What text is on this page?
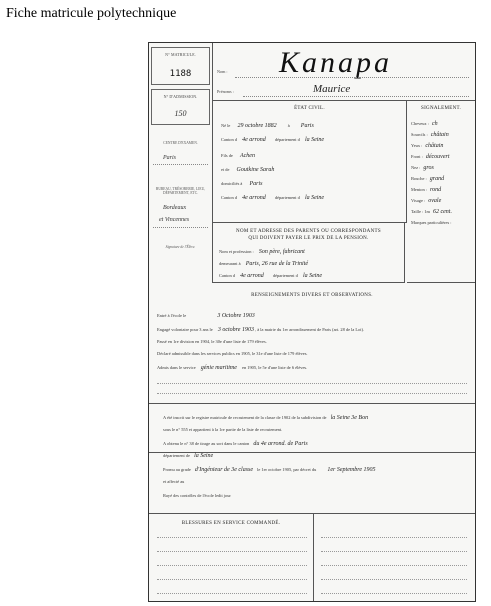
Fiche matricule polytechnique
N° MATRICULE.
1188
N° D'ADMISSION.
150
CENTRE D'EXAMEN.
Paris
BUREAU, TRÉSORERIE, LIEU, DÉPARTEMENT, ETC.
Bordeaux
et Vincennes
Signature de l'Élève.
Nom : Kanapa
Prénoms :	Maurice
ÉTAT CIVIL.
Né le 29 octobre 1882	à Paris
Canton d 4e arrond département d la Seine
Fils de Achen
et de Goutkine Sarah
domiciliés à Paris
Canton d 4e arrond département d la Seine
SIGNALEMENT.
Cheveux : ch
Sourcils : châtain
Yeux : châtain
Front : découvert
Nez : gros
Bouche : grand
Menton : rond
Visage : ovale
Taille : 1m 62 cent.
Marques particulières :
NOM ET ADRESSE DES PARENTS OU CORRESPONDANTS
QUI DOIVENT PAYER LE PRIX DE LA PENSION.
Nom et profession : Son père, fabricant
demeurant à Paris, 26 rue de la Trinité
Canton d 4e arrond département d la Seine
RENSEIGNEMENTS DIVERS ET OBSERVATIONS.
Entré à l'école le	3 Octobre 1903
Engagé volontaire pour 3 ans le 3 octobre 1903 , à la mairie du 1er arrondissement de Paris (art. 28 de la Loi).
Passé en 1re division en 1904, le 30e d'une liste de 179 élèves.
Déclaré admissible dans les services publics en 1905, le 31e d'une liste de 179 élèves.
Admis dans le service génie maritime en 1905, le 5e d'une liste de 6 élèves.
A été inscrit sur le registre matricule de recrutement de la classe de 1902 de la subdivision de la Seine 3e Bon
sous le n° 555 et appartient à la 1re partie de la liste de recrutement.
A obtenu le n° 38 de tirage au sort dans le canton du 4e arrond. de Paris
département de la Seine
Promu au grade d'Ingénieur de 3e classe le 1er octobre 1905, par décret du 1er Septembre 1905
et affecté au
Rayé des contrôles de l'école ledit jour
BLESSURES EN SERVICE COMMANDÉ.
